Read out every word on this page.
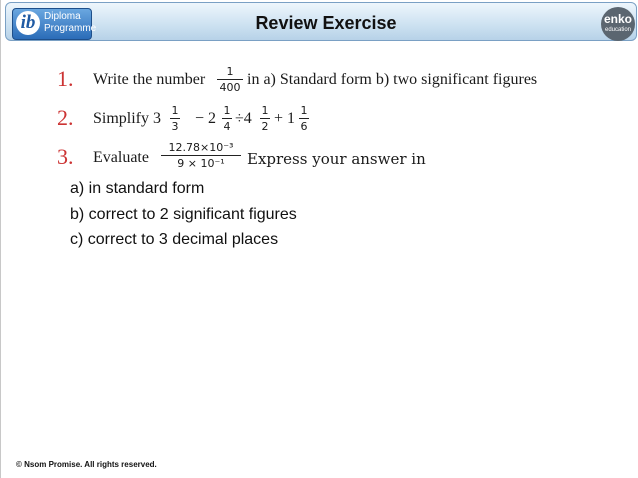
ib Diploma
Programme	Review Exercise	enko
education
1. Write the number	1
400 in a) Standard form b) two significant figures
2. Simplify 3 1
3 − 2 1
4 ÷4 1
2 + 1 1
6
3. Evaluate
12.78×10⁻³
9 × 10⁻¹	Express your answer in
a) in standard form
b) correct to 2 significant figures
c) correct to 3 decimal places
© Nsom Promise. All rights reserved.
